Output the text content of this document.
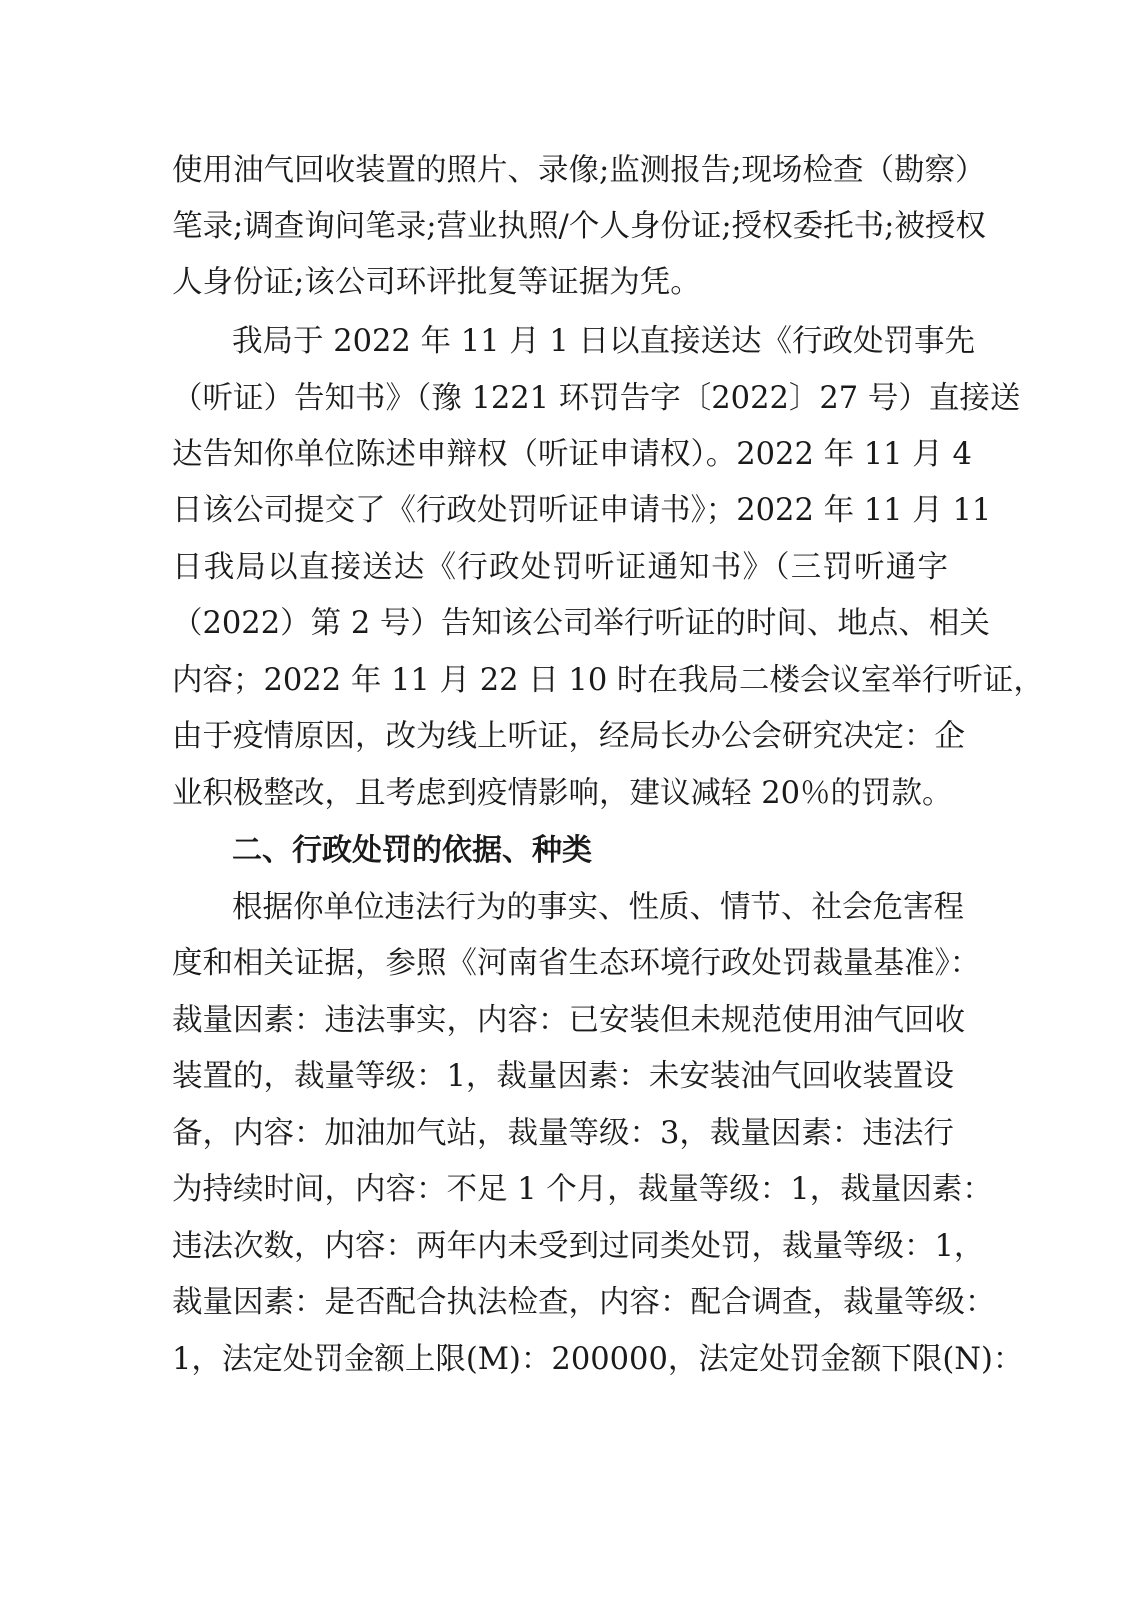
使用油气回收装置的照片、录像;监测报告;现场检查（勘察）
笔录;调查询问笔录;营业执照/个人身份证;授权委托书;被授权
人身份证;该公司环评批复等证据为凭。
我局于 2022 年 11 月 1 日以直接送达《行政处罚事先
（听证）告知书》（豫 1221 环罚告字〔2022〕27 号）直接送
达告知你单位陈述申辩权（听证申请权）。2022 年 11 月 4
日该公司提交了《行政处罚听证申请书》；2022 年 11 月 11
日我局以直接送达《行政处罚听证通知书》（三罚听通字
（2022）第 2 号）告知该公司举行听证的时间、地点、相关
内容；2022 年 11 月 22 日 10 时在我局二楼会议室举行听证，
由于疫情原因，改为线上听证，经局长办公会研究决定：企
业积极整改，且考虑到疫情影响，建议减轻 20％的罚款。
二、行政处罚的依据、种类
根据你单位违法行为的事实、性质、情节、社会危害程
度和相关证据，参照《河南省生态环境行政处罚裁量基准》：
裁量因素：违法事实，内容：已安装但未规范使用油气回收
装置的，裁量等级：1，裁量因素：未安装油气回收装置设
备，内容：加油加气站，裁量等级：3，裁量因素：违法行
为持续时间，内容：不足 1 个月，裁量等级：1，裁量因素：
违法次数，内容：两年内未受到过同类处罚，裁量等级：1，
裁量因素：是否配合执法检查，内容：配合调查，裁量等级：
1，法定处罚金额上限(M)：200000，法定处罚金额下限(N)：
